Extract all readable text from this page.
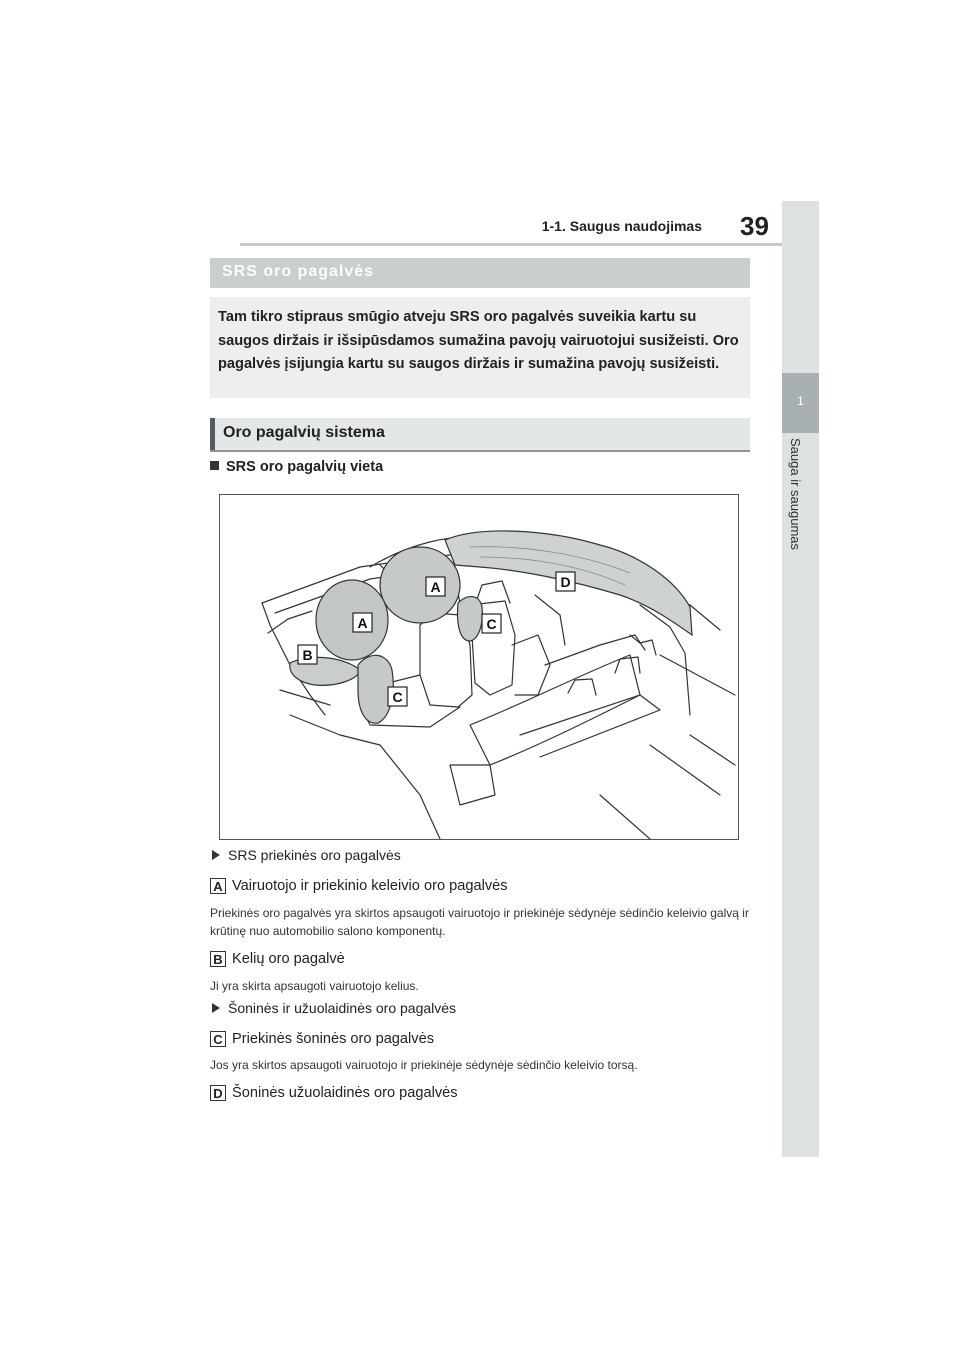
1-1. Saugus naudojimas 39
1
Sauga ir saugumas
SRS oro pagalvės
Tam tikro stipraus smūgio atveju SRS oro pagalvės suveikia kartu su saugos diržais ir išsipūsdamos sumažina pavojų vairuotojui susižeisti. Oro pagalvės įsijungia kartu su saugos diržais ir sumažina pavojų susižeisti.
Oro pagalvių sistema
SRS oro pagalvių vieta
A
A
B
C
C
D
SRS priekinės oro pagalvės
A Vairuotojo ir priekinio keleivio oro pagalvės
Priekinės oro pagalvės yra skirtos apsaugoti vairuotojo ir priekinėje sėdynėje sėdinčio keleivio galvą ir krūtinę nuo automobilio salono komponentų.
B Kelių oro pagalvė
Ji yra skirta apsaugoti vairuotojo kelius.
Šoninės ir užuolaidinės oro pagalvės
C Priekinės šoninės oro pagalvės
Jos yra skirtos apsaugoti vairuotojo ir priekinėje sėdynėje sėdinčio keleivio torsą.
D Šoninės užuolaidinės oro pagalvės
